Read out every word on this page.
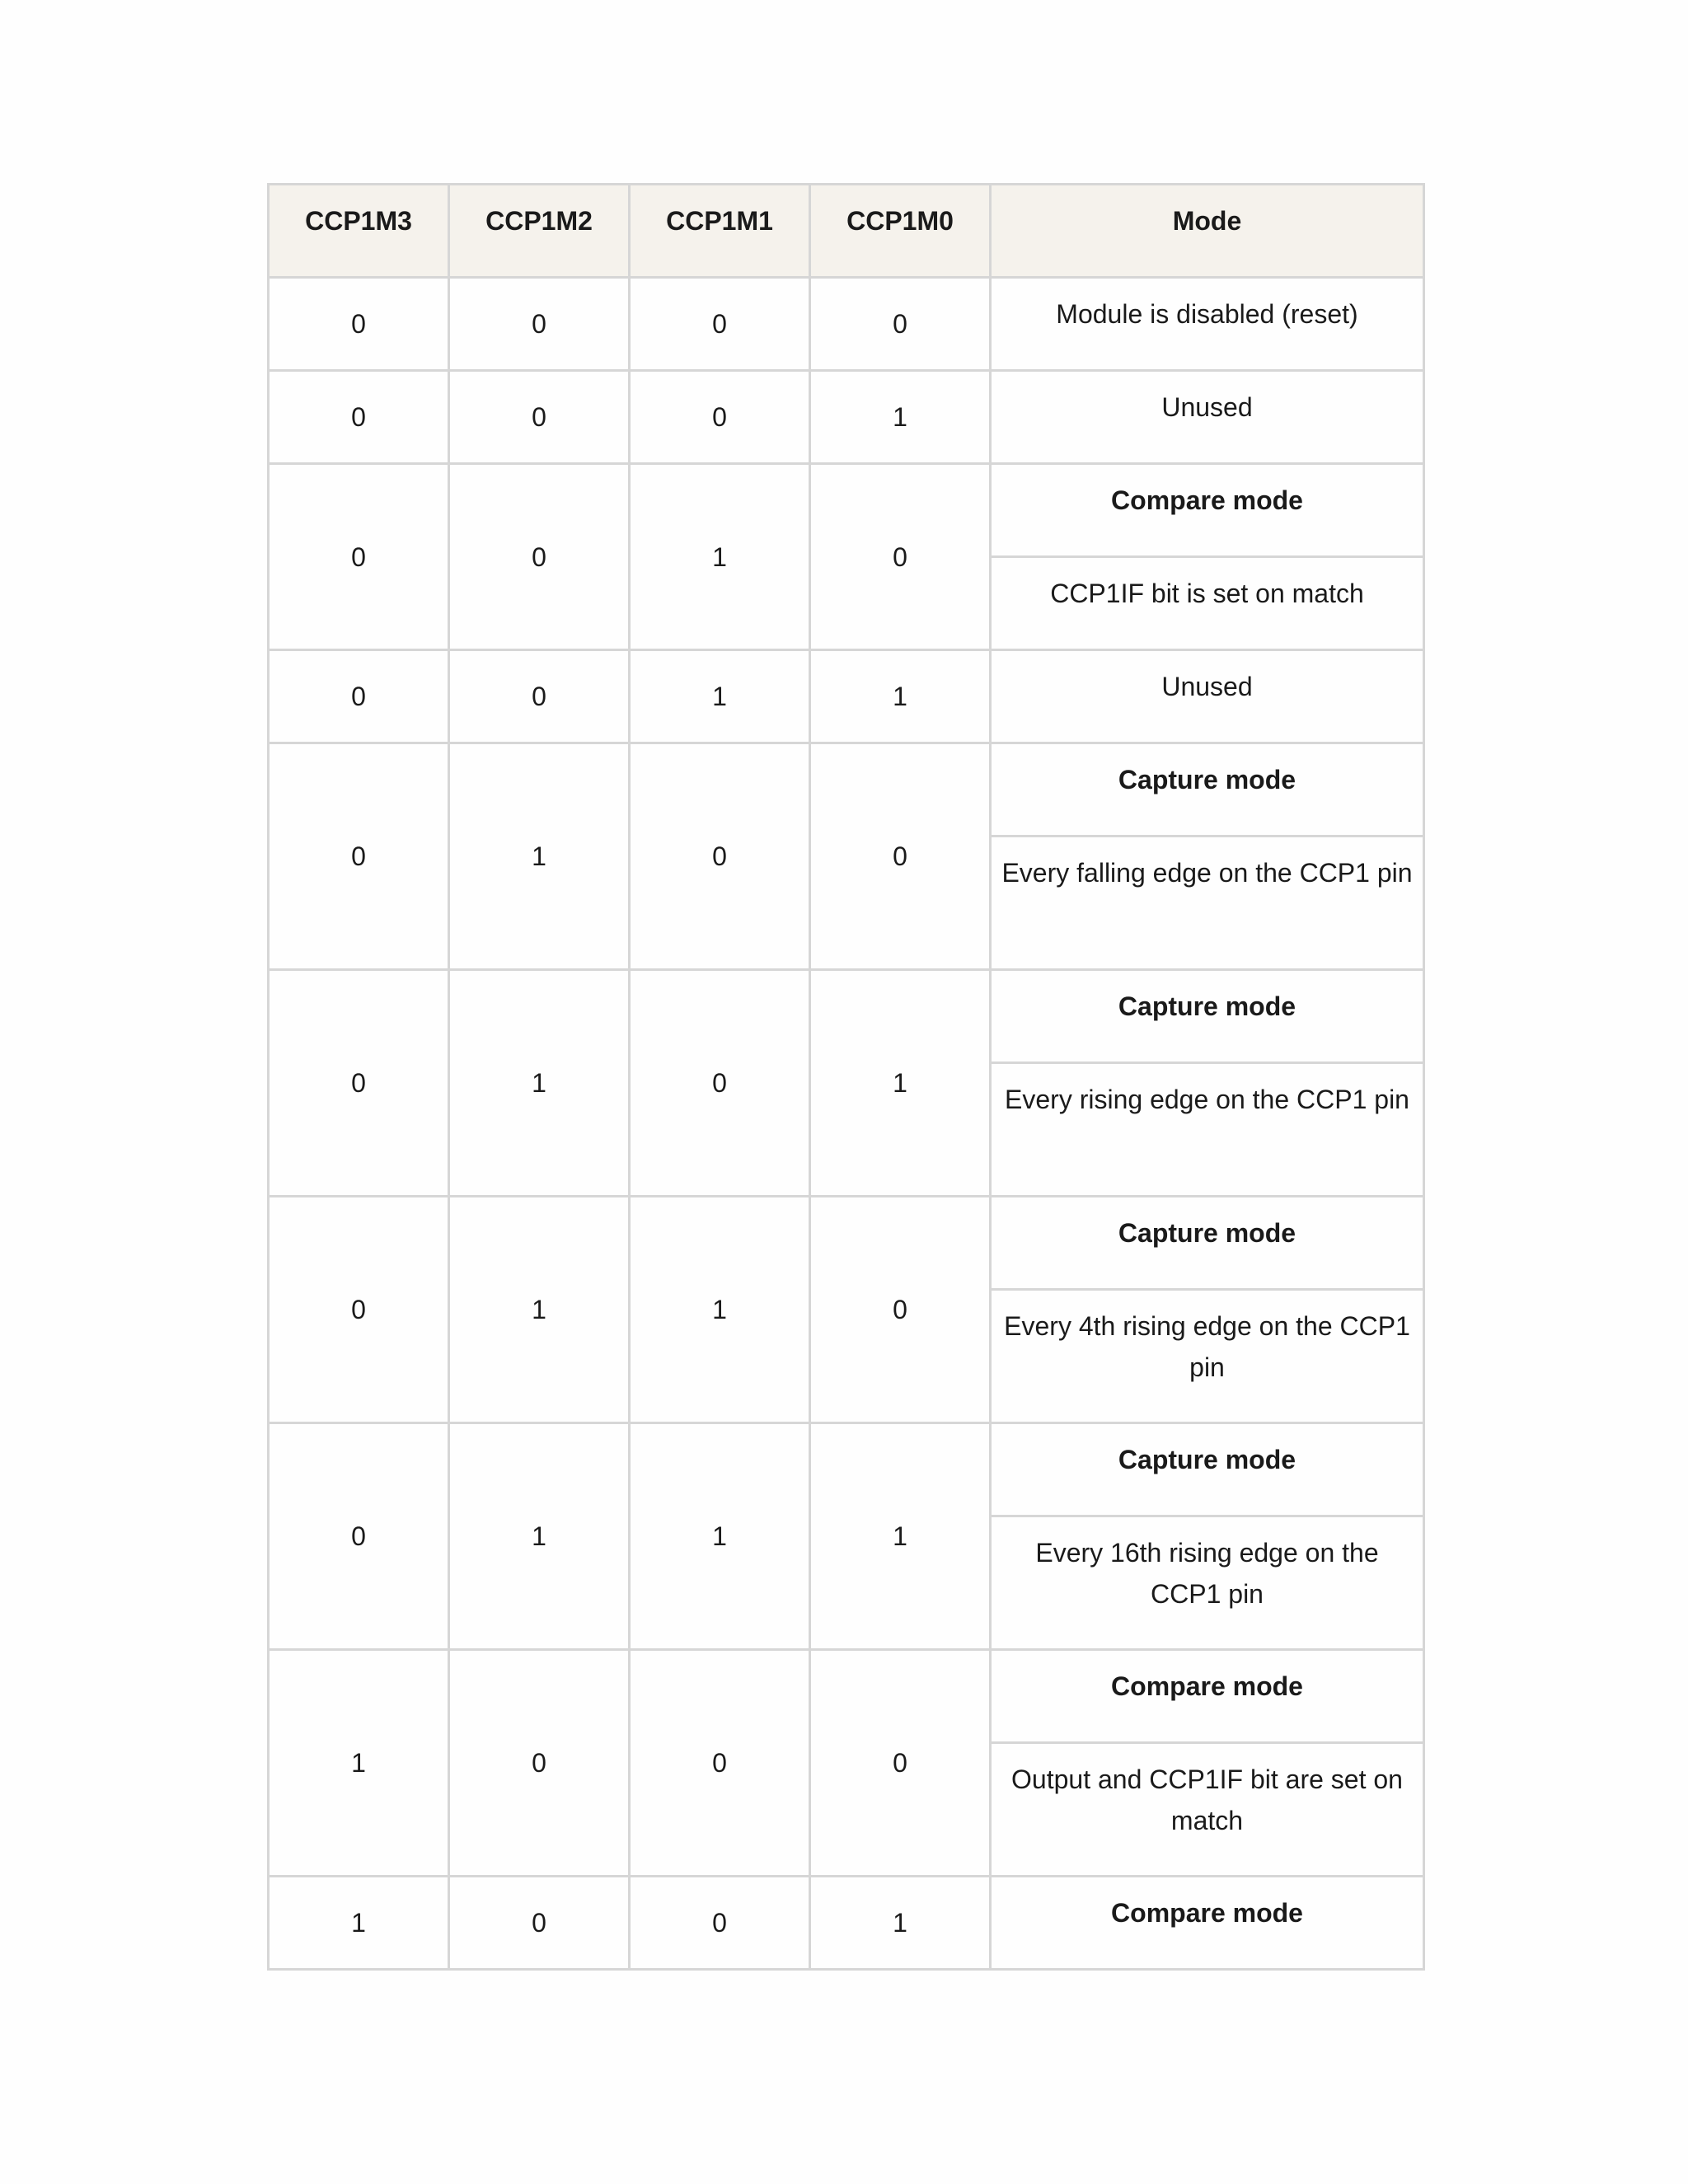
CCP1M3	CCP1M2	CCP1M1	CCP1M0	Mode
0	0	0	0	Module is disabled (reset)
0	0	0	1	Unused
0	0	1	0	Compare mode
				CCP1IF bit is set on match
0	0	1	1	Unused
0	1	0	0	Capture mode
				Every falling edge on the CCP1 pin
0	1	0	1	Capture mode
				Every rising edge on the CCP1 pin
0	1	1	0	Capture mode
				Every 4th rising edge on the CCP1 pin
0	1	1	1	Capture mode
				Every 16th rising edge on the CCP1 pin
1	0	0	0	Compare mode
				Output and CCP1IF bit are set on match
1	0	0	1	Compare mode
